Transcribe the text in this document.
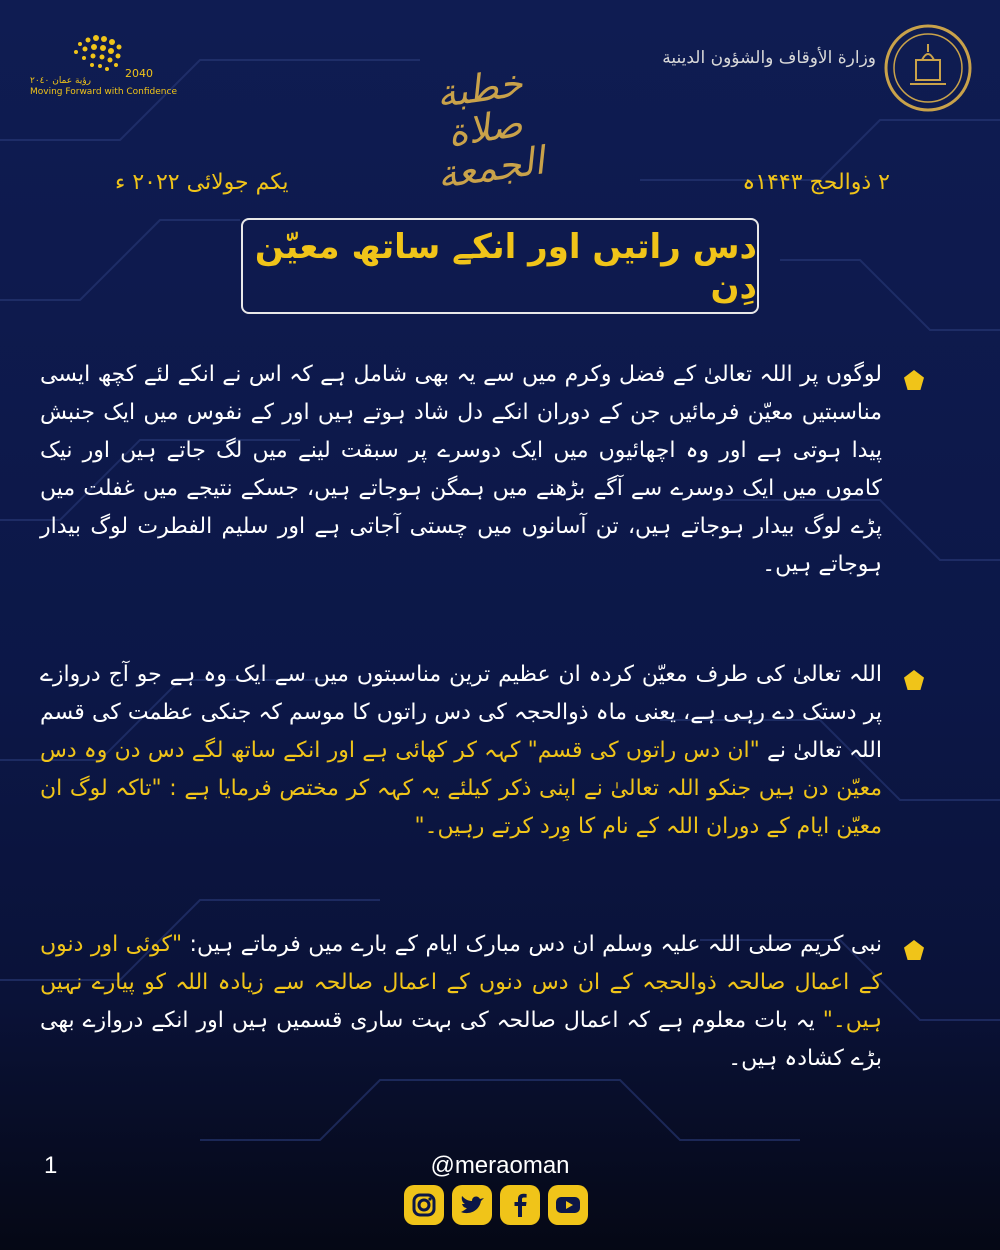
2040
رؤية عمان ٢٠٤٠
Moving Forward with Confidence
وزارة الأوقاف والشؤون الدينية
خطبة صلاة الجمعة	٢ ذوالحج ١۴۴٣ہ
یکم جولائی ٢٠٢٢ ء
دس راتیں اور انکے ساتھ معیّن دِن
لوگوں پر اللہ تعالیٰ کے فضل وکرم میں سے یہ بھی شامل ہے کہ اس نے انکے لئے کچھ ایسی مناسبتیں معیّن فرمائیں جن کے دوران انکے دل شاد ہوتے ہیں اور کے نفوس میں ایک جنبش پیدا ہوتی ہے اور وہ اچھائیوں میں ایک دوسرے پر سبقت لینے میں لگ جاتے ہیں اور نیک کاموں میں ایک دوسرے سے آگے بڑھنے میں ہمگن ہوجاتے ہیں، جسکے نتیجے میں غفلت میں پڑے لوگ بیدار ہوجاتے ہیں، تن آسانوں میں چستی آجاتی ہے اور سلیم الفطرت لوگ بیدار ہوجاتے ہیں۔
اللہ تعالیٰ کی طرف معیّن کردہ ان عظیم ترین مناسبتوں میں سے ایک وہ ہے جو آج دروازے پر دستک دے رہی ہے، یعنی ماہ ذوالحجہ کی دس راتوں کا موسم کہ جنکی عظمت کی قسم اللہ تعالیٰ نے "ان دس راتوں کی قسم" کہہ کر کھائی ہے اور انکے ساتھ لگے دس دن وہ دس معیّن دن ہیں جنکو اللہ تعالیٰ نے اپنی ذکر کیلئے یہ کہہ کر مختص فرمایا ہے : "تاکہ لوگ ان معیّن ایام کے دوران اللہ کے نام کا وِرد کرتے رہیں۔"
نبی کریم صلی اللہ علیہ وسلم ان دس مبارک ایام کے بارے میں فرماتے ہیں: "کوئی اور دنوں کے اعمال صالحہ ذوالحجہ کے ان دس دنوں کے اعمال صالحہ سے زیادہ اللہ کو پیارے نہیں ہیں۔" یہ بات معلوم ہے کہ اعمال صالحہ کی بہت ساری قسمیں ہیں اور انکے دروازے بھی بڑے کشادہ ہیں۔
1	@meraoman
